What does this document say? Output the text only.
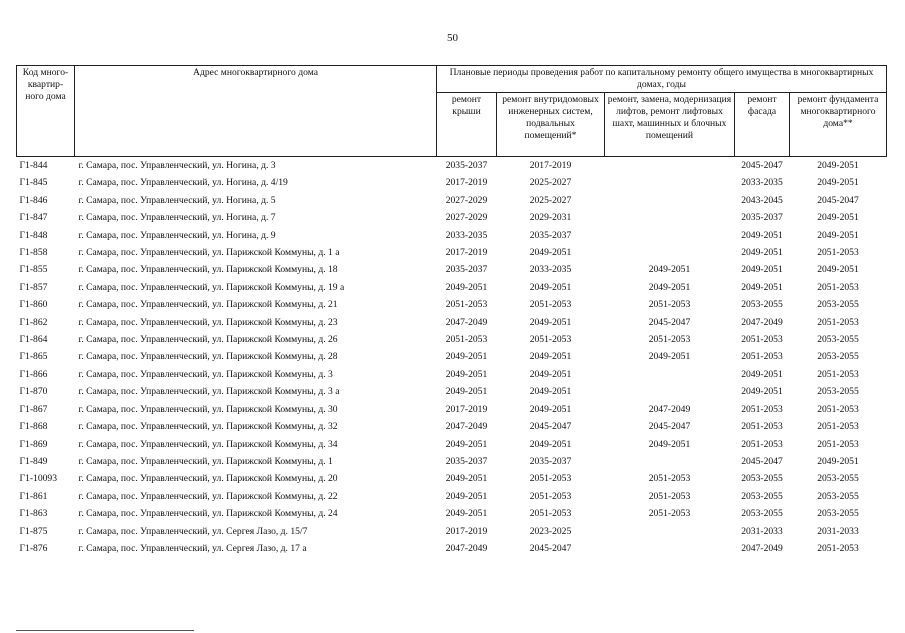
50
Код много-квартир-ного дома	Адрес многоквартирного дома	Плановые периоды проведения работ по капитальному ремонту общего имущества в многоквартирных домах, годы				
		ремонт крыши	ремонт внутридомовых инженерных систем, подвальных помещений*	ремонт, замена, модернизация лифтов, ремонт лифтовых шахт, машинных и блочных помещений	ремонт фасада	ремонт фундамента многоквартирного дома**
Г1-844	г. Самара, пос. Управленческий, ул. Ногина, д. 3	2035-2037	2017-2019		2045-2047	2049-2051
Г1-845	г. Самара, пос. Управленческий, ул. Ногина, д. 4/19	2017-2019	2025-2027		2033-2035	2049-2051
Г1-846	г. Самара, пос. Управленческий, ул. Ногина, д. 5	2027-2029	2025-2027		2043-2045	2045-2047
Г1-847	г. Самара, пос. Управленческий, ул. Ногина, д. 7	2027-2029	2029-2031		2035-2037	2049-2051
Г1-848	г. Самара, пос. Управленческий, ул. Ногина, д. 9	2033-2035	2035-2037		2049-2051	2049-2051
Г1-858	г. Самара, пос. Управленческий, ул. Парижской Коммуны, д. 1 а	2017-2019	2049-2051		2049-2051	2051-2053
Г1-855	г. Самара, пос. Управленческий, ул. Парижской Коммуны, д. 18	2035-2037	2033-2035	2049-2051	2049-2051	2049-2051
Г1-857	г. Самара, пос. Управленческий, ул. Парижской Коммуны, д. 19 а	2049-2051	2049-2051	2049-2051	2049-2051	2051-2053
Г1-860	г. Самара, пос. Управленческий, ул. Парижской Коммуны, д. 21	2051-2053	2051-2053	2051-2053	2053-2055	2053-2055
Г1-862	г. Самара, пос. Управленческий, ул. Парижской Коммуны, д. 23	2047-2049	2049-2051	2045-2047	2047-2049	2051-2053
Г1-864	г. Самара, пос. Управленческий, ул. Парижской Коммуны, д. 26	2051-2053	2051-2053	2051-2053	2051-2053	2053-2055
Г1-865	г. Самара, пос. Управленческий, ул. Парижской Коммуны, д. 28	2049-2051	2049-2051	2049-2051	2051-2053	2053-2055
Г1-866	г. Самара, пос. Управленческий, ул. Парижской Коммуны, д. 3	2049-2051	2049-2051		2049-2051	2051-2053
Г1-870	г. Самара, пос. Управленческий, ул. Парижской Коммуны, д. 3 а	2049-2051	2049-2051		2049-2051	2053-2055
Г1-867	г. Самара, пос. Управленческий, ул. Парижской Коммуны, д. 30	2017-2019	2049-2051	2047-2049	2051-2053	2051-2053
Г1-868	г. Самара, пос. Управленческий, ул. Парижской Коммуны, д. 32	2047-2049	2045-2047	2045-2047	2051-2053	2051-2053
Г1-869	г. Самара, пос. Управленческий, ул. Парижской Коммуны, д. 34	2049-2051	2049-2051	2049-2051	2051-2053	2051-2053
Г1-849	г. Самара, пос. Управленческий, ул. Парижской Коммуны, д. 1	2035-2037	2035-2037		2045-2047	2049-2051
Г1-10093	г. Самара, пос. Управленческий, ул. Парижской Коммуны, д. 20	2049-2051	2051-2053	2051-2053	2053-2055	2053-2055
Г1-861	г. Самара, пос. Управленческий, ул. Парижской Коммуны, д. 22	2049-2051	2051-2053	2051-2053	2053-2055	2053-2055
Г1-863	г. Самара, пос. Управленческий, ул. Парижской Коммуны, д. 24	2049-2051	2051-2053	2051-2053	2053-2055	2053-2055
Г1-875	г. Самара, пос. Управленческий, ул. Сергея Лазо, д. 15/7	2017-2019	2023-2025		2031-2033	2031-2033
Г1-876	г. Самара, пос. Управленческий, ул. Сергея Лазо, д. 17 а	2047-2049	2045-2047		2047-2049	2051-2053
